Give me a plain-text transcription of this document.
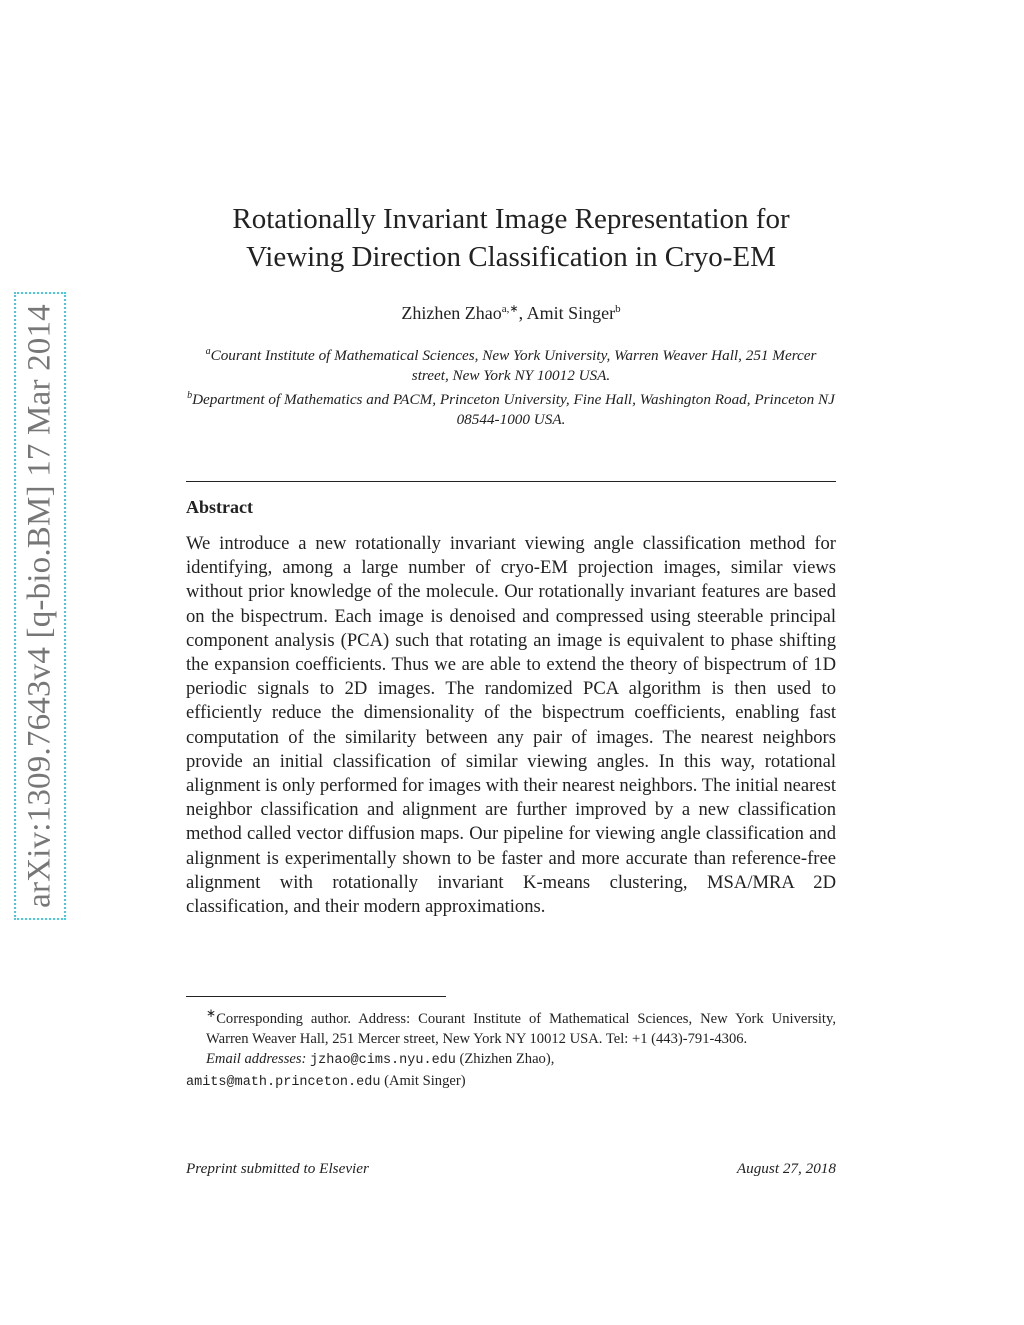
arXiv:1309.7643v4 [q-bio.BM] 17 Mar 2014
Rotationally Invariant Image Representation for
Viewing Direction Classification in Cryo-EM
Zhizhen Zhao$^{a,∗}$, Amit Singer$^b$
$^a$Courant Institute of Mathematical Sciences, New York University, Warren Weaver Hall, 251 Mercer street, New York NY 10012 USA.
$^b$Department of Mathematics and PACM, Princeton University, Fine Hall, Washington Road, Princeton NJ 08544-1000 USA.
Abstract
We introduce a new rotationally invariant viewing angle classification method for identifying, among a large number of cryo-EM projection images, similar views without prior knowledge of the molecule. Our rotationally invariant features are based on the bispectrum. Each image is denoised and compressed using steerable principal component analysis (PCA) such that rotating an image is equivalent to phase shifting the expansion coefficients. Thus we are able to extend the theory of bispectrum of 1D periodic signals to 2D images. The randomized PCA algorithm is then used to efficiently reduce the dimensionality of the bispectrum coefficients, enabling fast computation of the similarity between any pair of images. The nearest neighbors provide an initial classification of similar viewing angles. In this way, rotational alignment is only performed for images with their nearest neighbors. The initial nearest neighbor classification and alignment are further improved by a new classification method called vector diffusion maps. Our pipeline for viewing angle classification and alignment is experimentally shown to be faster and more accurate than reference-free alignment with rotationally invariant K-means clustering, MSA/MRA 2D classification, and their modern approximations.
∗Corresponding author. Address: Courant Institute of Mathematical Sciences, New York University, Warren Weaver Hall, 251 Mercer street, New York NY 10012 USA. Tel: +1 (443)-791-4306.
Email addresses: jzhao@cims.nyu.edu (Zhizhen Zhao),
amits@math.princeton.edu (Amit Singer)
Preprint submitted to Elsevier	August 27, 2018
